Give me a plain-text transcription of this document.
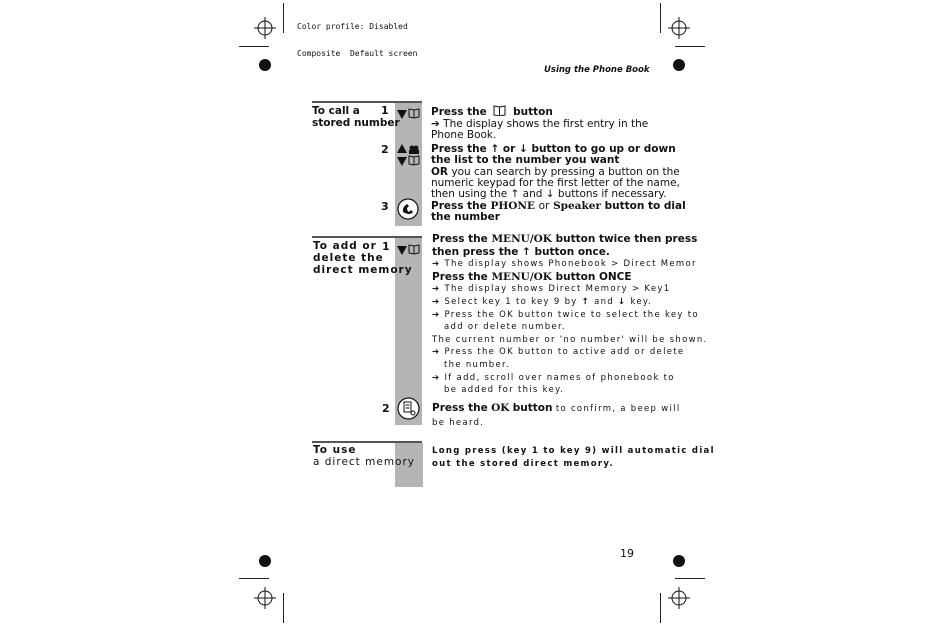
Color profile: Disabled

Composite  Default screen

Using the Phone Book
To call a
stored number
1	Press the	button
➔ The display shows the first entry in the
Phone Book.
2	Press the ↑ or ↓ button to go up or down
the list to the number you want
OR you can search by pressing a button on the
numeric keypad for the first letter of the name,
then using the ↑ and ↓ buttons if necessary.
3	Press the PHONE or Speaker button to dial
the number
To add or
delete the
direct memory
1
Press the MENU/OK button twice then press
then press the ↑ button once.
➔ The display shows Phonebook > Direct Memor
Press the MENU/OK button ONCE
➔ The display shows Direct Memory > Key1
➔ Select key 1 to key 9 by ↑ and ↓ key.
➔ Press the OK button twice to select the key to
add or delete number.
The current number or 'no number' will be shown.
➔ Press the OK button to active add or delete
the number.
➔ If add, scroll over names of phonebook to
be added for this key.
2	Press the OK button to confirm, a beep will
be heard.
To use
a direct memory
Long press (key 1 to key 9) will automatic dial
out the stored direct memory.
19
